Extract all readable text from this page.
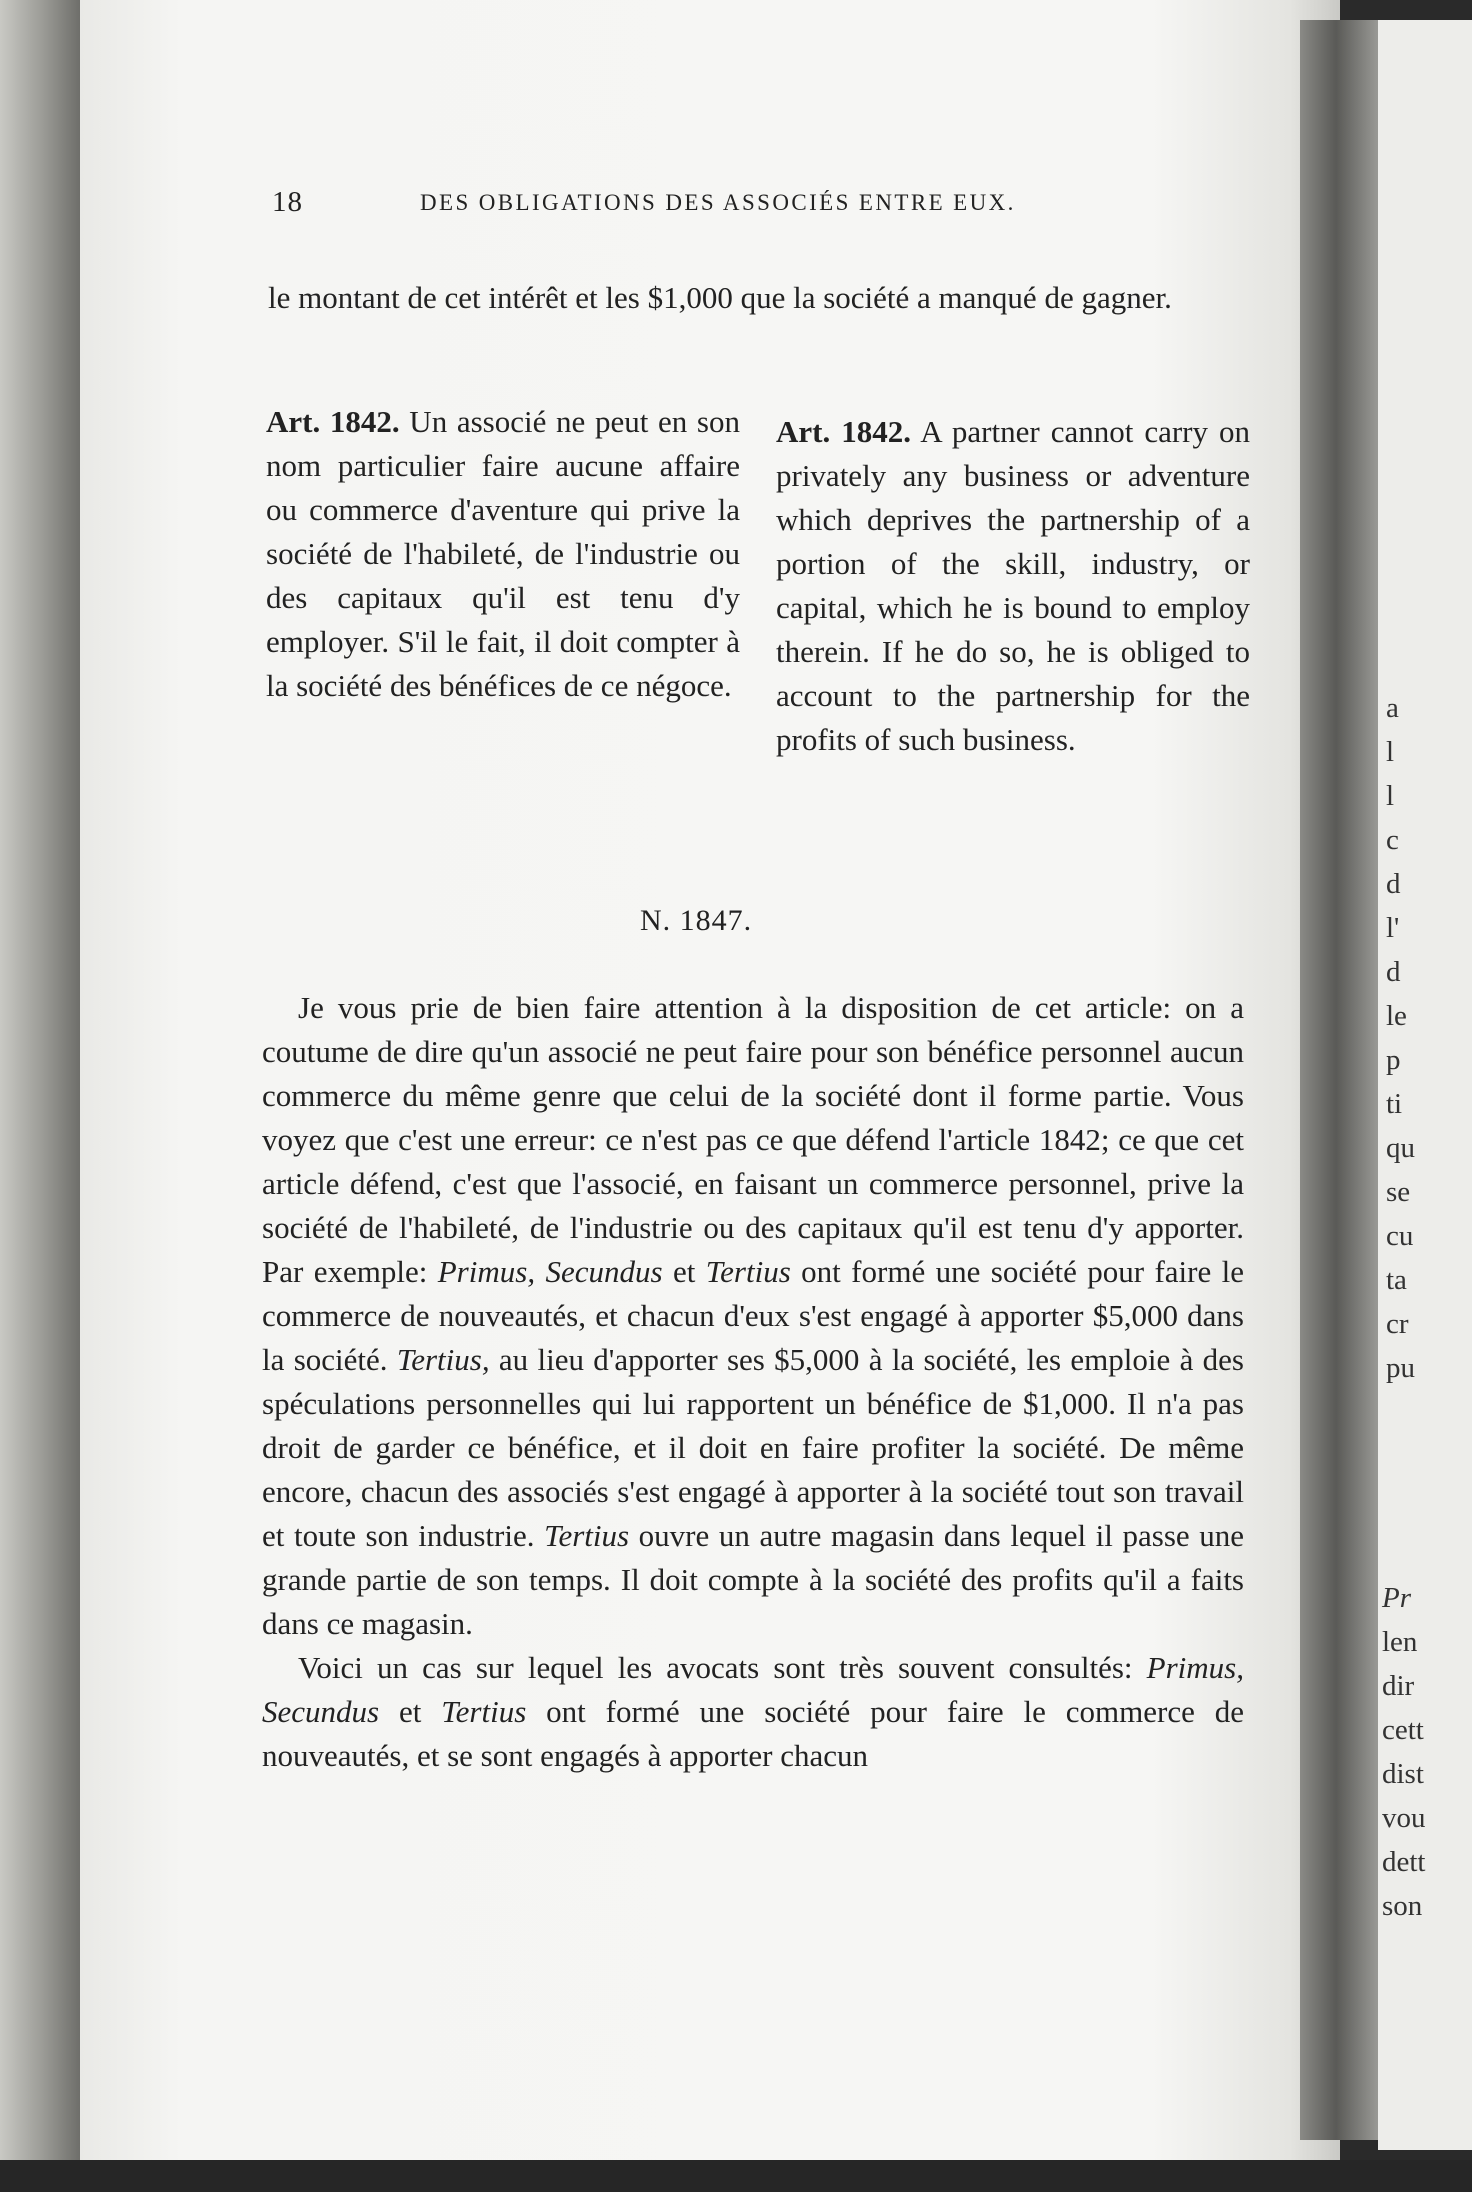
18	DES OBLIGATIONS DES ASSOCIÉS ENTRE EUX.

le montant de cet intérêt et les $1,000 que la société a manqué de gagner.

Art. 1842. Un associé ne peut en son nom particulier faire aucune affaire ou commerce d'aventure qui prive la société de l'habileté, de l'industrie ou des capitaux qu'il est tenu d'y employer. S'il le fait, il doit compter à la société des bénéfices de ce négoce.

Art. 1842. A partner cannot carry on privately any business or adventure which deprives the partnership of a portion of the skill, industry, or capital, which he is bound to employ therein. If he do so, he is obliged to account to the partnership for the profits of such business.

N. 1847.

Je vous prie de bien faire attention à la disposition de cet article: on a coutume de dire qu'un associé ne peut faire pour son bénéfice personnel aucun commerce du même genre que celui de la société dont il forme partie. Vous voyez que c'est une erreur: ce n'est pas ce que défend l'article 1842; ce que cet article défend, c'est que l'associé, en faisant un commerce personnel, prive la société de l'habileté, de l'industrie ou des capitaux qu'il est tenu d'y apporter. Par exemple: Primus, Secundus et Tertius ont formé une société pour faire le commerce de nouveautés, et chacun d'eux s'est engagé à apporter $5,000 dans la société. Tertius, au lieu d'apporter ses $5,000 à la société, les emploie à des spéculations personnelles qui lui rapportent un bénéfice de $1,000. Il n'a pas droit de garder ce bénéfice, et il doit en faire profiter la société. De même encore, chacun des associés s'est engagé à apporter à la société tout son travail et toute son industrie. Tertius ouvre un autre magasin dans lequel il passe une grande partie de son temps. Il doit compte à la société des profits qu'il a faits dans ce magasin.

Voici un cas sur lequel les avocats sont très souvent consultés: Primus, Secundus et Tertius ont formé une société pour faire le commerce de nouveautés, et se sont engagés à apporter chacun

a
l
l
c
d
l'
d
le
p
ti
qu
se
cu
ta
cr
pu
Pr
len
dir
cett
dist
vou
dett
son
